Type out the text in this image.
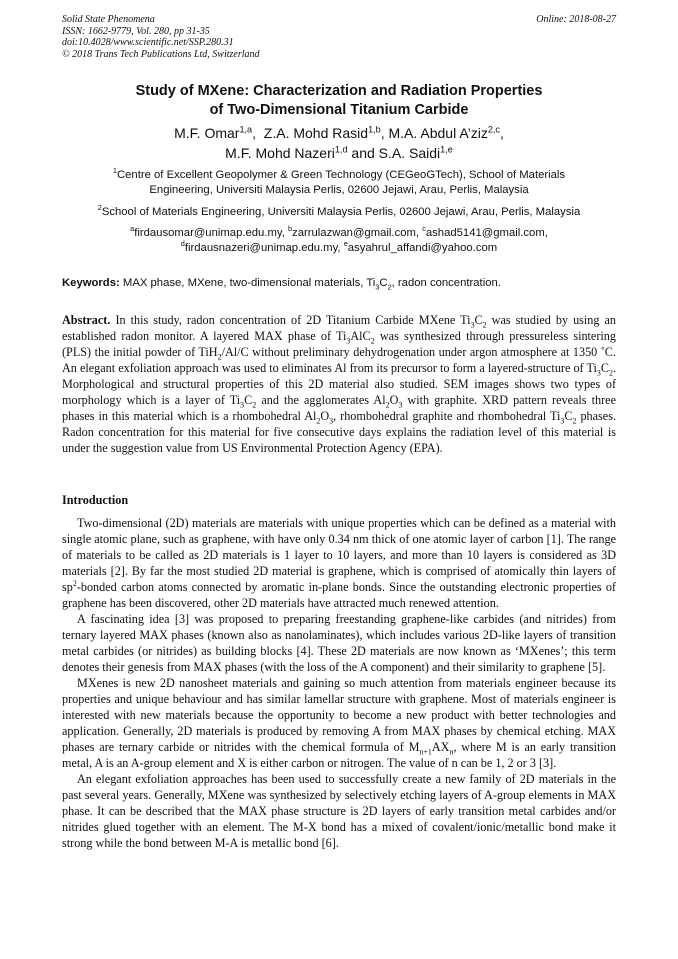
Solid State Phenomena
ISSN: 1662-9779, Vol. 280, pp 31-35
doi:10.4028/www.scientific.net/SSP.280.31
© 2018 Trans Tech Publications Ltd, Switzerland
Online: 2018-08-27
Study of MXene: Characterization and Radiation Properties
of Two-Dimensional Titanium Carbide
M.F. Omar$^{1,a}$,  Z.A. Mohd Rasid$^{1,b}$, M.A. Abdul A’ziz$^{2,c}$,
M.F. Mohd Nazeri$^{1,d}$ and S.A. Saidi$^{1,e}$
$^1$Centre of Excellent Geopolymer & Green Technology (CEGeoGTech), School of Materials
Engineering, Universiti Malaysia Perlis, 02600 Jejawi, Arau, Perlis, Malaysia
$^2$School of Materials Engineering, Universiti Malaysia Perlis, 02600 Jejawi, Arau, Perlis, Malaysia
$^a$firdausomar@unimap.edu.my, $^b$zarrulazwan@gmail.com, $^c$ashad5141@gmail.com,
$^d$firdausnazeri@unimap.edu.my, $^e$asyahrul_affandi@yahoo.com
Keywords: MAX phase, MXene, two-dimensional materials, $Ti_3C_2$, radon concentration.
Abstract. In this study, radon concentration of 2D Titanium Carbide MXene $Ti_3C_2$ was studied by using an established radon monitor. A layered MAX phase of $Ti_3AlC_2$ was synthesized through pressureless sintering (PLS) the initial powder of TiH$_2$/Al/C without preliminary dehydrogenation under argon atmosphere at 1350 ˚C. An elegant exfoliation approach was used to eliminates Al from its precursor to form a layered-structure of $Ti_3C_2$. Morphological and structural properties of this 2D material also studied. SEM images shows two types of morphology which is a layer of $Ti_3C_2$ and the agglomerates $Al_2O_3$ with graphite. XRD pattern reveals three phases in this material which is a rhombohedral $Al_2O_3$, rhombohedral graphite and rhombohedral $Ti_3C_2$ phases. Radon concentration for this material for five consecutive days explains the radiation level of this material is under the suggestion value from US Environmental Protection Agency (EPA).
Introduction

Two-dimensional (2D) materials are materials with unique properties which can be defined as a material with single atomic plane, such as graphene, with have only 0.34 nm thick of one atomic layer of carbon [1]. The range of materials to be called as 2D materials is 1 layer to 10 layers, and more than 10 layers is considered as 3D materials [2]. By far the most studied 2D material is graphene, which is comprised of atomically thin layers of $sp^2$-bonded carbon atoms connected by aromatic in-plane bonds. Since the outstanding electronic properties of graphene has been discovered, other 2D materials have attracted much renewed attention.

A fascinating idea [3] was proposed to preparing freestanding graphene-like carbides (and nitrides) from ternary layered MAX phases (known also as nanolaminates), which includes various 2D-like layers of transition metal carbides (or nitrides) as building blocks [4]. These 2D materials are now known as ‘MXenes’; this term denotes their genesis from MAX phases (with the loss of the A component) and their similarity to graphene [5].

MXenes is new 2D nanosheet materials and gaining so much attention from materials engineer because its properties and unique behaviour and has similar lamellar structure with graphene. Most of materials engineer is interested with new materials because the opportunity to become a new product with better technologies and application. Generally, 2D materials is produced by removing A from MAX phases by chemical etching. MAX phases are ternary carbide or nitrides with the chemical formula of $M_{n+1}AX_n$, where M is an early transition metal, A is an A-group element and X is either carbon or nitrogen. The value of n can be 1, 2 or 3 [3].

An elegant exfoliation approaches has been used to successfully create a new family of 2D materials in the past several years. Generally, MXene was synthesized by selectively etching layers of A-group elements in MAX phase. It can be described that the MAX phase structure is 2D layers of early transition metal carbides and/or nitrides glued together with an element. The M-X bond has a mixed of covalent/ionic/metallic bond make it strong while the bond between M-A is metallic bond [6].
